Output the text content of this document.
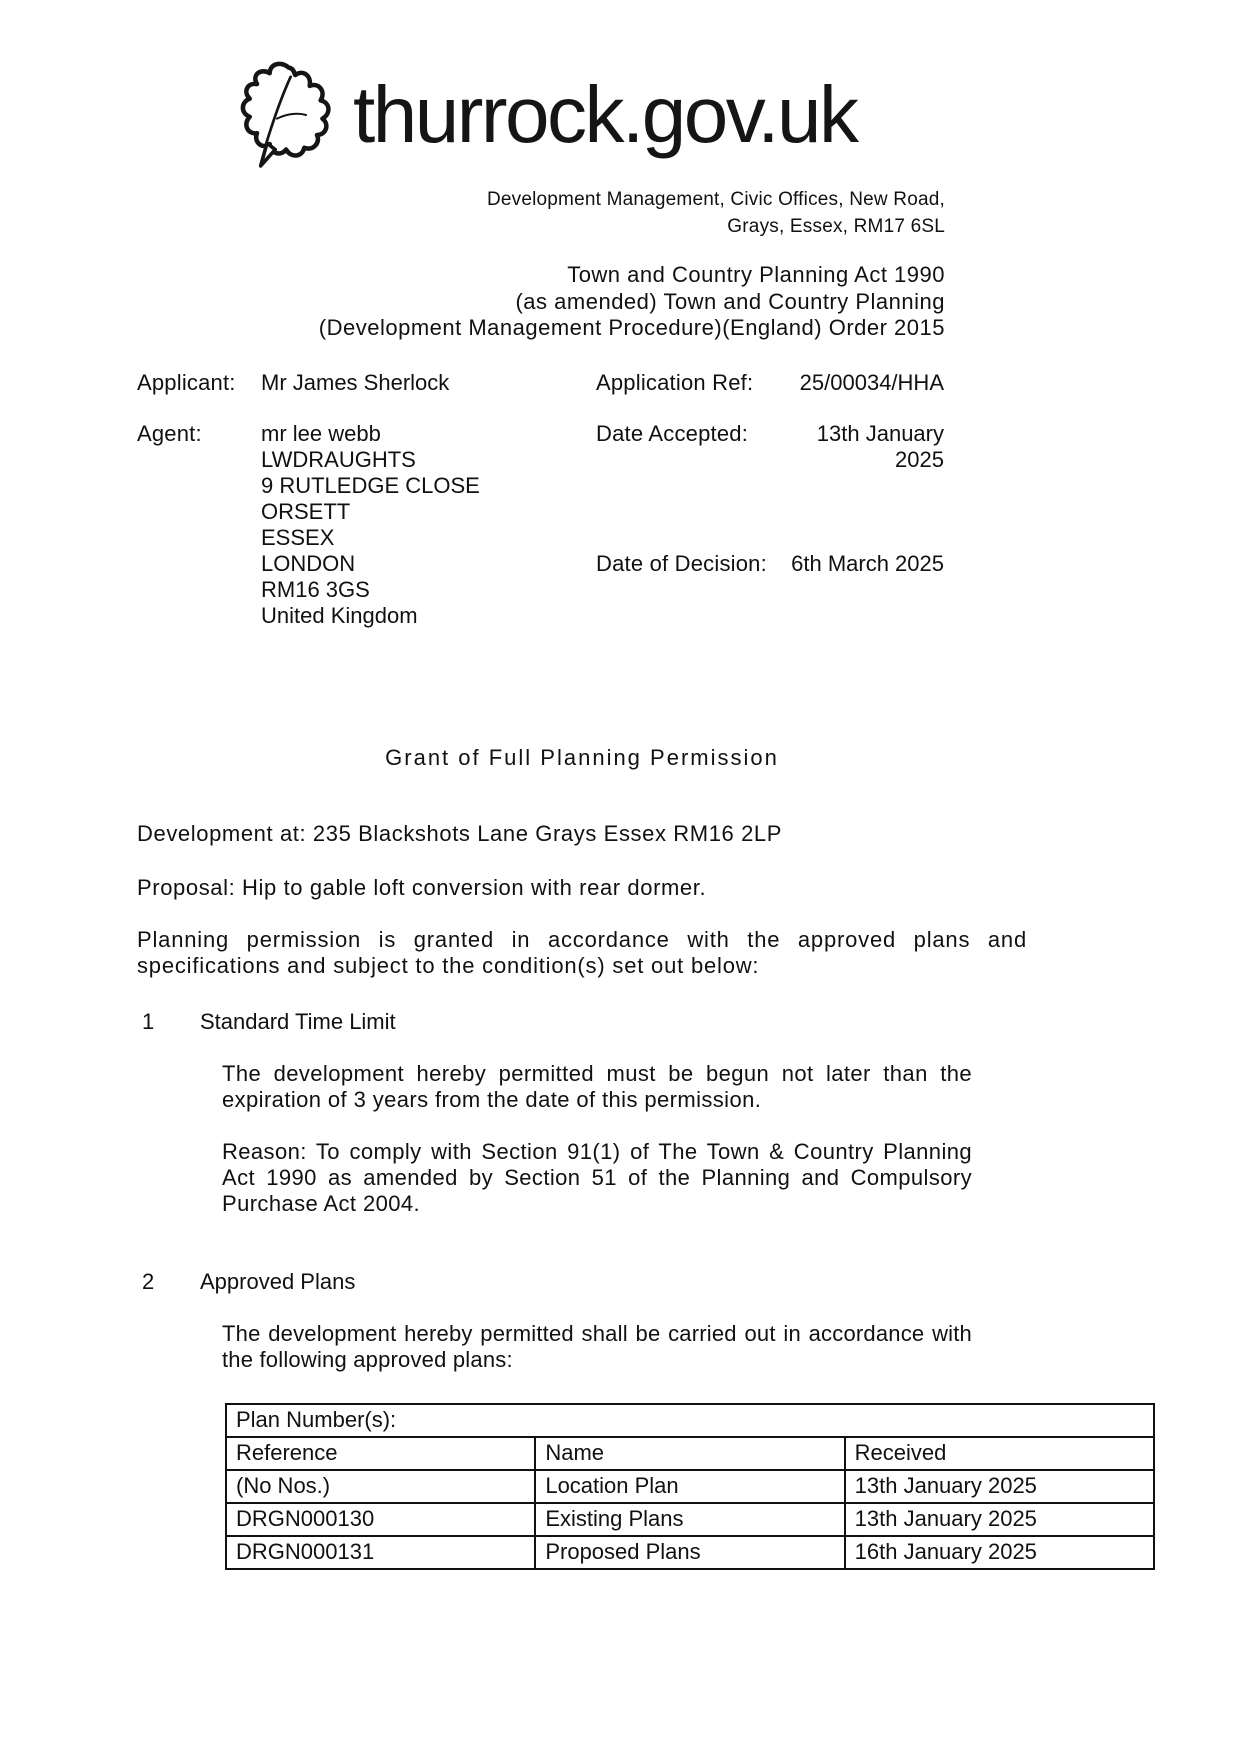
thurrock.gov.uk
Development Management, Civic Offices, New Road,
Grays, Essex, RM17 6SL
Town and Country Planning Act 1990
(as amended) Town and Country Planning
(Development Management Procedure)(England) Order 2015
Applicant:	Mr James Sherlock	Application Ref:	25/00034/HHA
Agent:	mr lee webb
LWDRAUGHTS
9 RUTLEDGE CLOSE
ORSETT
ESSEX
LONDON
RM16 3GS
United Kingdom
Date Accepted:	13th January 2025
Date of Decision:	6th March 2025
Grant of Full Planning Permission
Development at: 235 Blackshots Lane Grays Essex RM16 2LP
Proposal: Hip to gable loft conversion with rear dormer.

Planning permission is granted in accordance with the approved plans and specifications and subject to the condition(s) set out below:

1	Standard Time Limit

The development hereby permitted must be begun not later than the expiration of 3 years from the date of this permission.

Reason: To comply with Section 91(1) of The Town & Country Planning Act 1990 as amended by Section 51 of the Planning and Compulsory Purchase Act 2004.

2	Approved Plans

The development hereby permitted shall be carried out in accordance with the following approved plans:

Plan Number(s):		
Reference	Name	Received
(No Nos.)	Location Plan	13th January 2025
DRGN000130	Existing Plans	13th January 2025
DRGN000131	Proposed Plans	16th January 2025
